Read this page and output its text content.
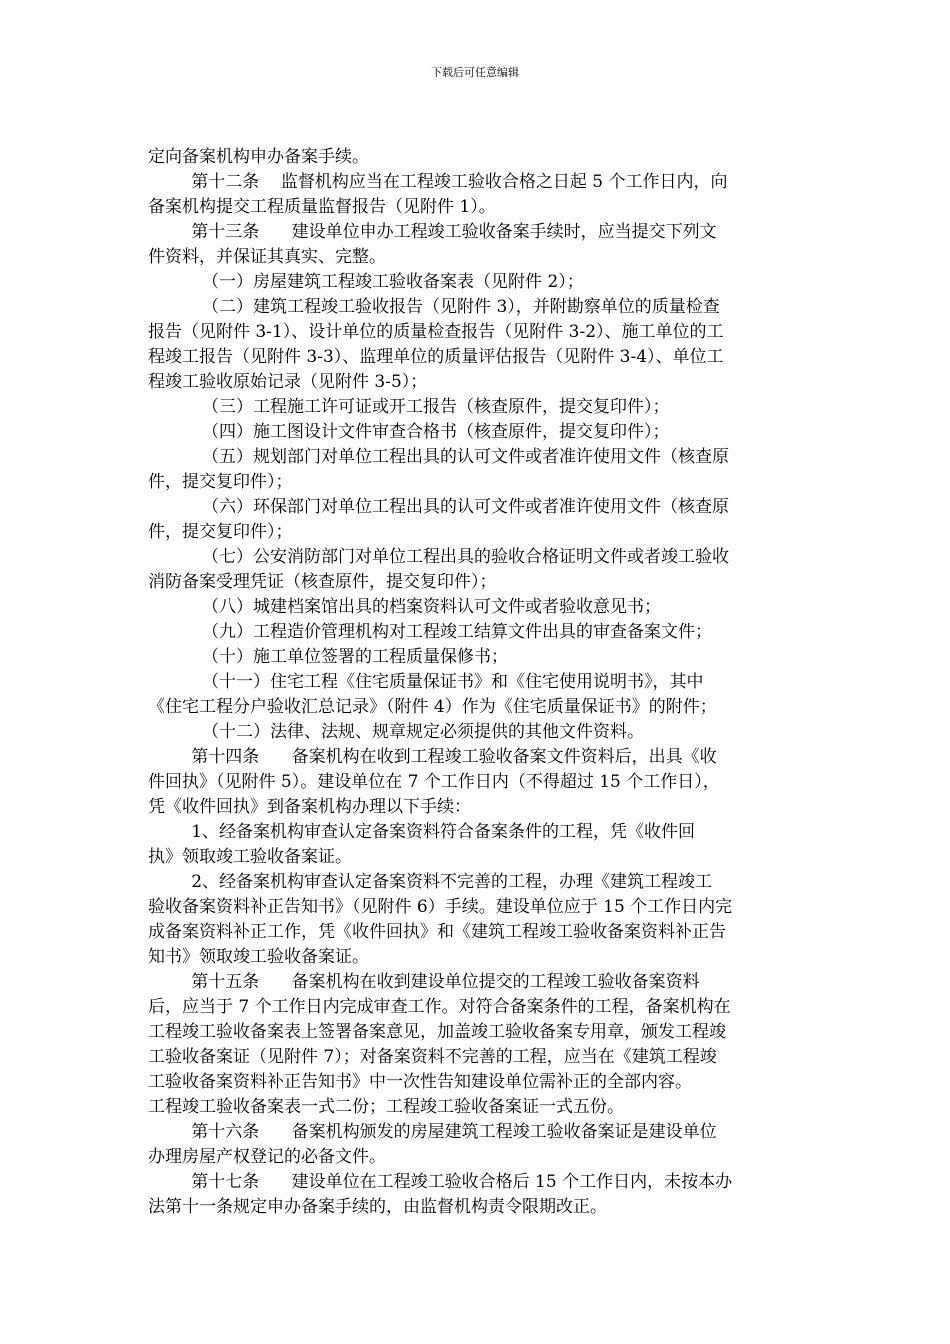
下载后可任意编辑
定向备案机构申办备案手续。
第十二条    监督机构应当在工程竣工验收合格之日起 5 个工作日内，向
备案机构提交工程质量监督报告（见附件 1）。
第十三条      建设单位申办工程竣工验收备案手续时，应当提交下列文
件资料，并保证其真实、完整。
（一）房屋建筑工程竣工验收备案表（见附件 2）；
（二）建筑工程竣工验收报告（见附件 3），并附勘察单位的质量检查
报告（见附件 3-1）、设计单位的质量检查报告（见附件 3-2）、施工单位的工
程竣工报告（见附件 3-3）、监理单位的质量评估报告（见附件 3-4）、单位工
程竣工验收原始记录（见附件 3-5）；
（三）工程施工许可证或开工报告（核查原件，提交复印件）；
（四）施工图设计文件审查合格书（核查原件，提交复印件）；
（五）规划部门对单位工程出具的认可文件或者准许使用文件（核查原
件，提交复印件）；
（六）环保部门对单位工程出具的认可文件或者准许使用文件（核查原
件，提交复印件）；
（七）公安消防部门对单位工程出具的验收合格证明文件或者竣工验收
消防备案受理凭证（核查原件，提交复印件）；
（八）城建档案馆出具的档案资料认可文件或者验收意见书；
（九）工程造价管理机构对工程竣工结算文件出具的审查备案文件；
（十）施工单位签署的工程质量保修书；
（十一）住宅工程《住宅质量保证书》和《住宅使用说明书》，其中
《住宅工程分户验收汇总记录》（附件 4）作为《住宅质量保证书》的附件；
（十二）法律、法规、规章规定必须提供的其他文件资料。
第十四条      备案机构在收到工程竣工验收备案文件资料后，出具《收
件回执》（见附件 5）。建设单位在 7 个工作日内（不得超过 15 个工作日），
凭《收件回执》到备案机构办理以下手续：
1、经备案机构审查认定备案资料符合备案条件的工程，凭《收件回
执》领取竣工验收备案证。
2、经备案机构审查认定备案资料不完善的工程，办理《建筑工程竣工
验收备案资料补正告知书》（见附件 6）手续。建设单位应于 15 个工作日内完
成备案资料补正工作，凭《收件回执》和《建筑工程竣工验收备案资料补正告
知书》领取竣工验收备案证。
第十五条      备案机构在收到建设单位提交的工程竣工验收备案资料
后，应当于 7 个工作日内完成审查工作。对符合备案条件的工程，备案机构在
工程竣工验收备案表上签署备案意见，加盖竣工验收备案专用章，颁发工程竣
工验收备案证（见附件 7）；对备案资料不完善的工程，应当在《建筑工程竣
工验收备案资料补正告知书》中一次性告知建设单位需补正的全部内容。
工程竣工验收备案表一式二份；工程竣工验收备案证一式五份。
第十六条      备案机构颁发的房屋建筑工程竣工验收备案证是建设单位
办理房屋产权登记的必备文件。
第十七条      建设单位在工程竣工验收合格后 15 个工作日内，未按本办
法第十一条规定申办备案手续的，由监督机构责令限期改正。
